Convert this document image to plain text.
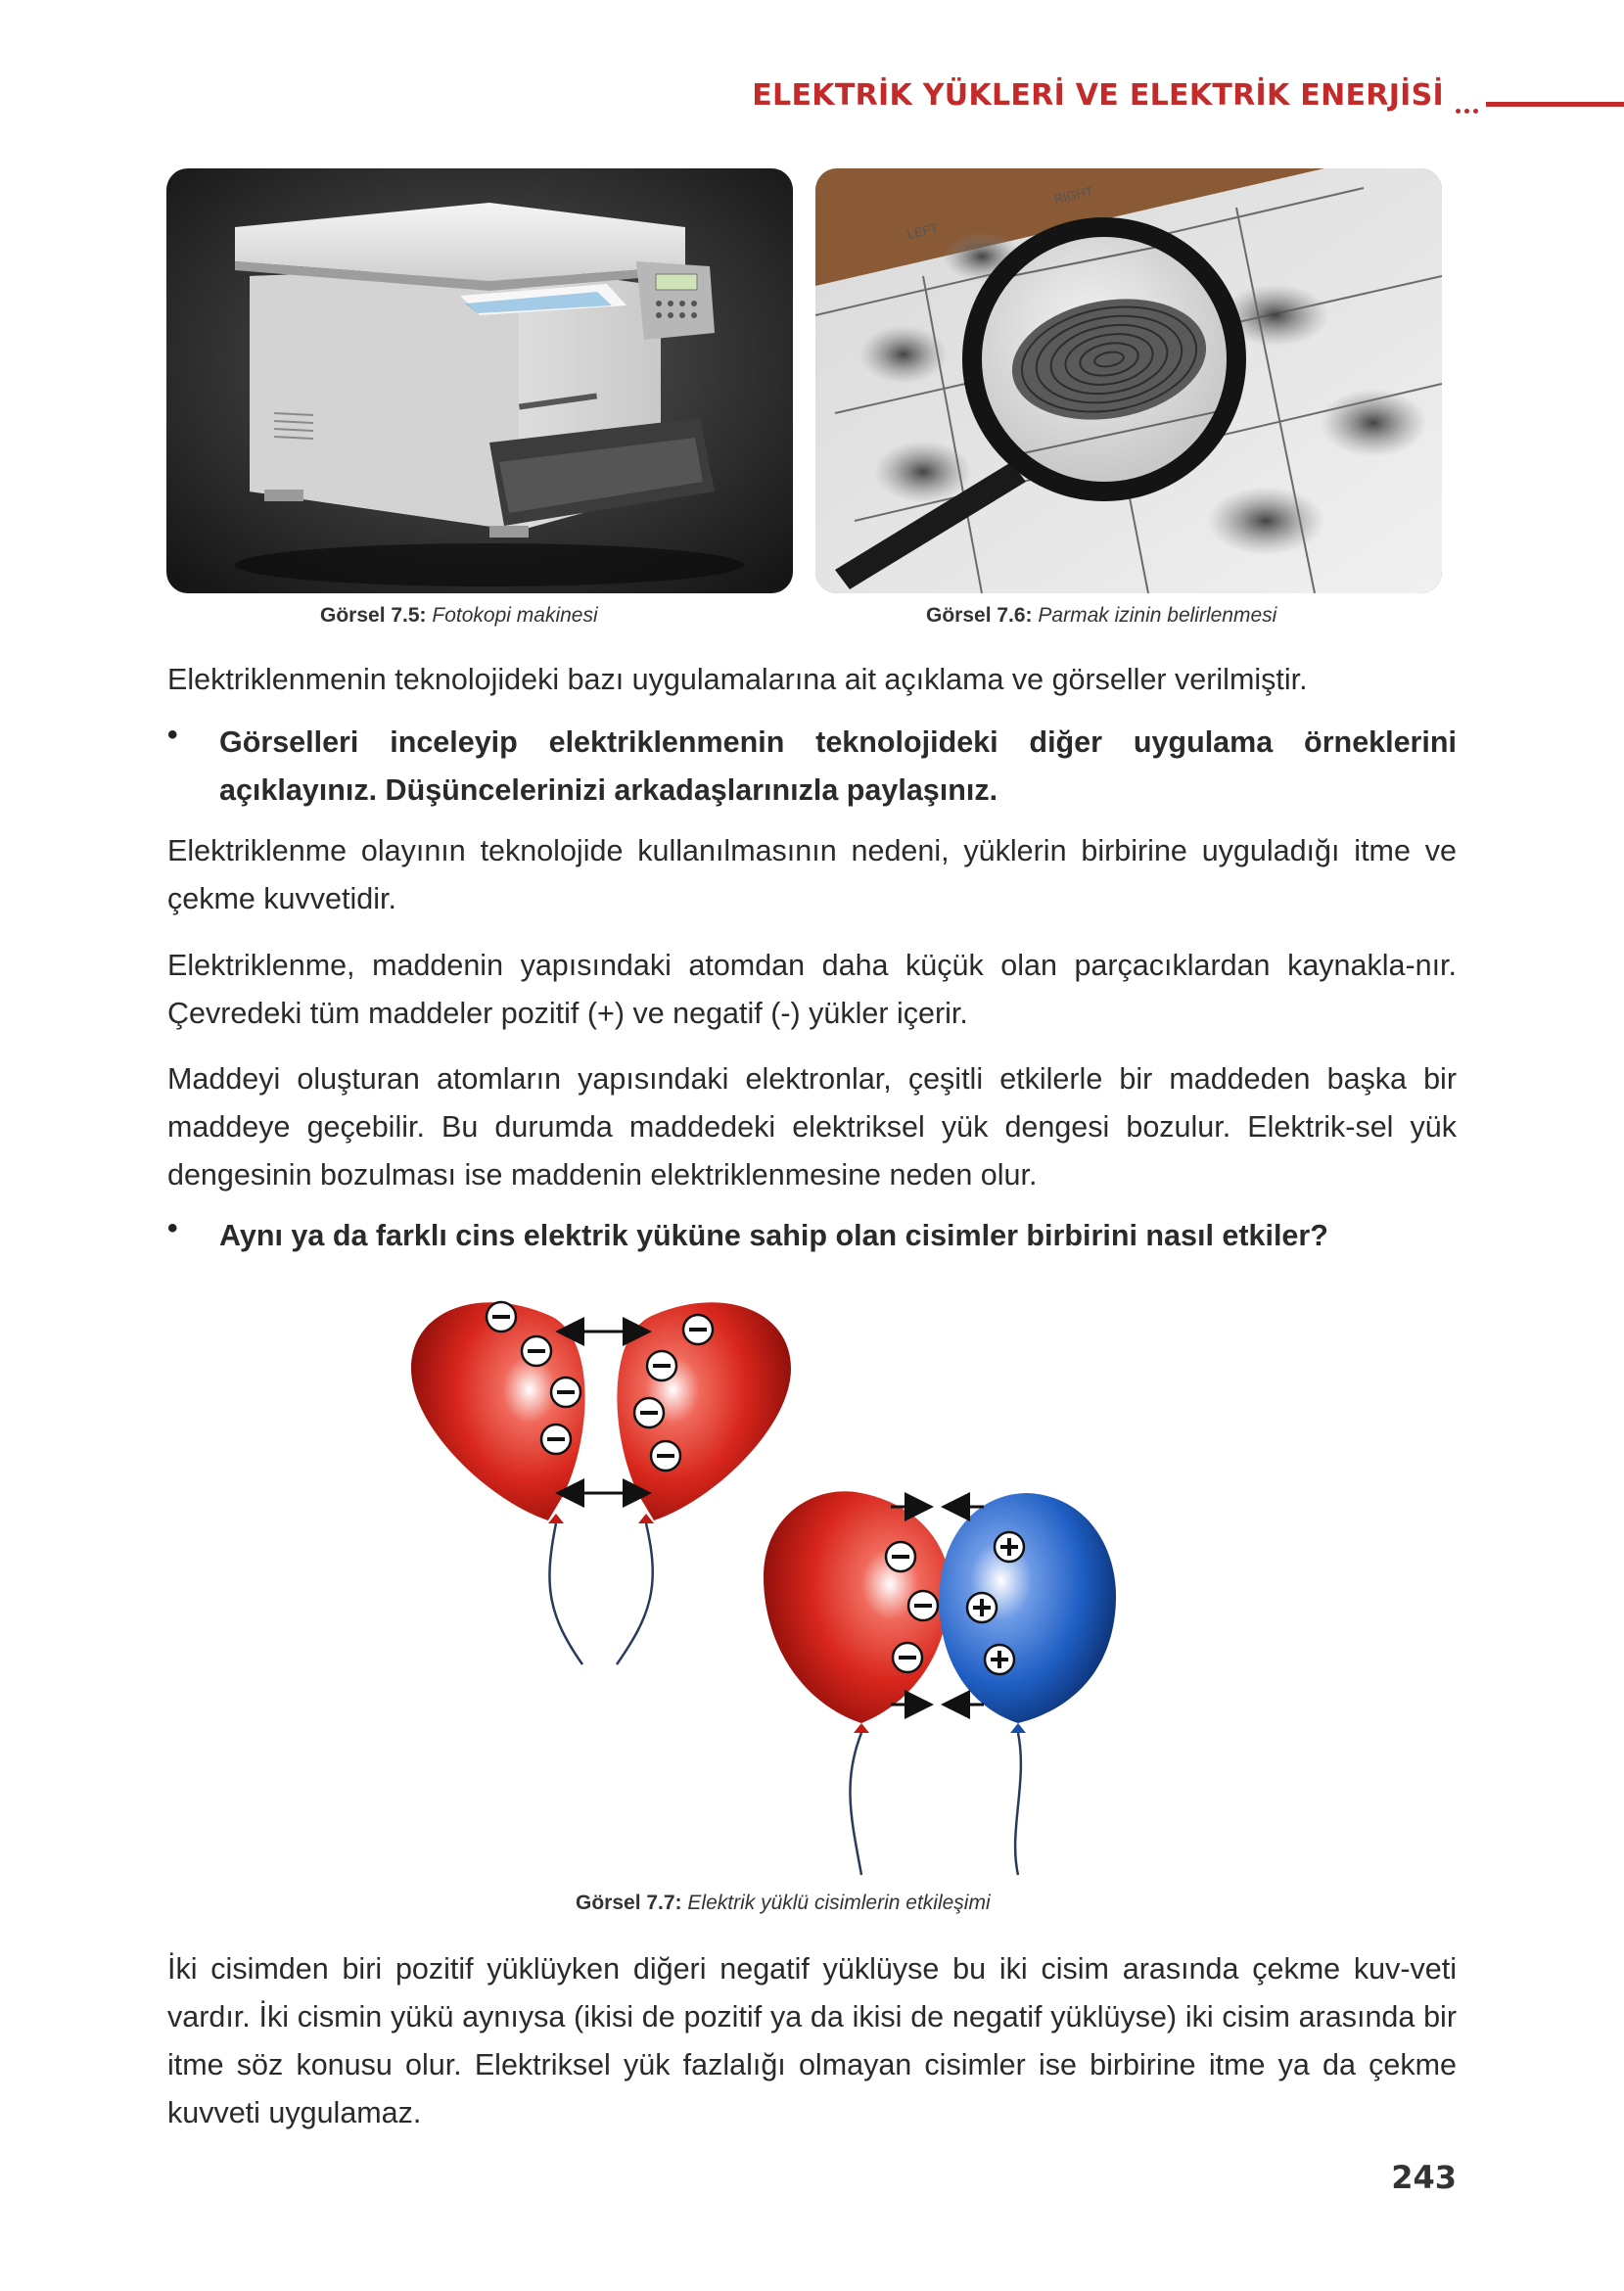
ELEKTRİK YÜKLERİ VE ELEKTRİK ENERJİSİ
Görsel 7.5: Fotokopi makinesi
LEFT
RIGHT
Görsel 7.6: Parmak izinin belirlenmesi
Elektriklenmenin teknolojideki bazı uygulamalarına ait açıklama ve görseller verilmiştir.
• Görselleri inceleyip elektriklenmenin teknolojideki diğer uygulama örneklerini açıklayınız. Düşüncelerinizi arkadaşlarınızla paylaşınız.
Elektriklenme olayının teknolojide kullanılmasının nedeni, yüklerin birbirine uyguladığı itme ve çekme kuvvetidir.
Elektriklenme, maddenin yapısındaki atomdan daha küçük olan parçacıklardan kaynakla-nır. Çevredeki tüm maddeler pozitif (+) ve negatif (-) yükler içerir.
Maddeyi oluşturan atomların yapısındaki elektronlar, çeşitli etkilerle bir maddeden başka bir maddeye geçebilir. Bu durumda maddedeki elektriksel yük dengesi bozulur. Elektrik-sel yük dengesinin bozulması ise maddenin elektriklenmesine neden olur.
• Aynı ya da farklı cins elektrik yüküne sahip olan cisimler birbirini nasıl etkiler?
Görsel 7.7: Elektrik yüklü cisimlerin etkileşimi
İki cisimden biri pozitif yüklüyken diğeri negatif yüklüyse bu iki cisim arasında çekme kuv-veti vardır. İki cismin yükü aynıysa (ikisi de pozitif ya da ikisi de negatif yüklüyse) iki cisim arasında bir itme söz konusu olur. Elektriksel yük fazlalığı olmayan cisimler ise birbirine itme ya da çekme kuvveti uygulamaz.
243
